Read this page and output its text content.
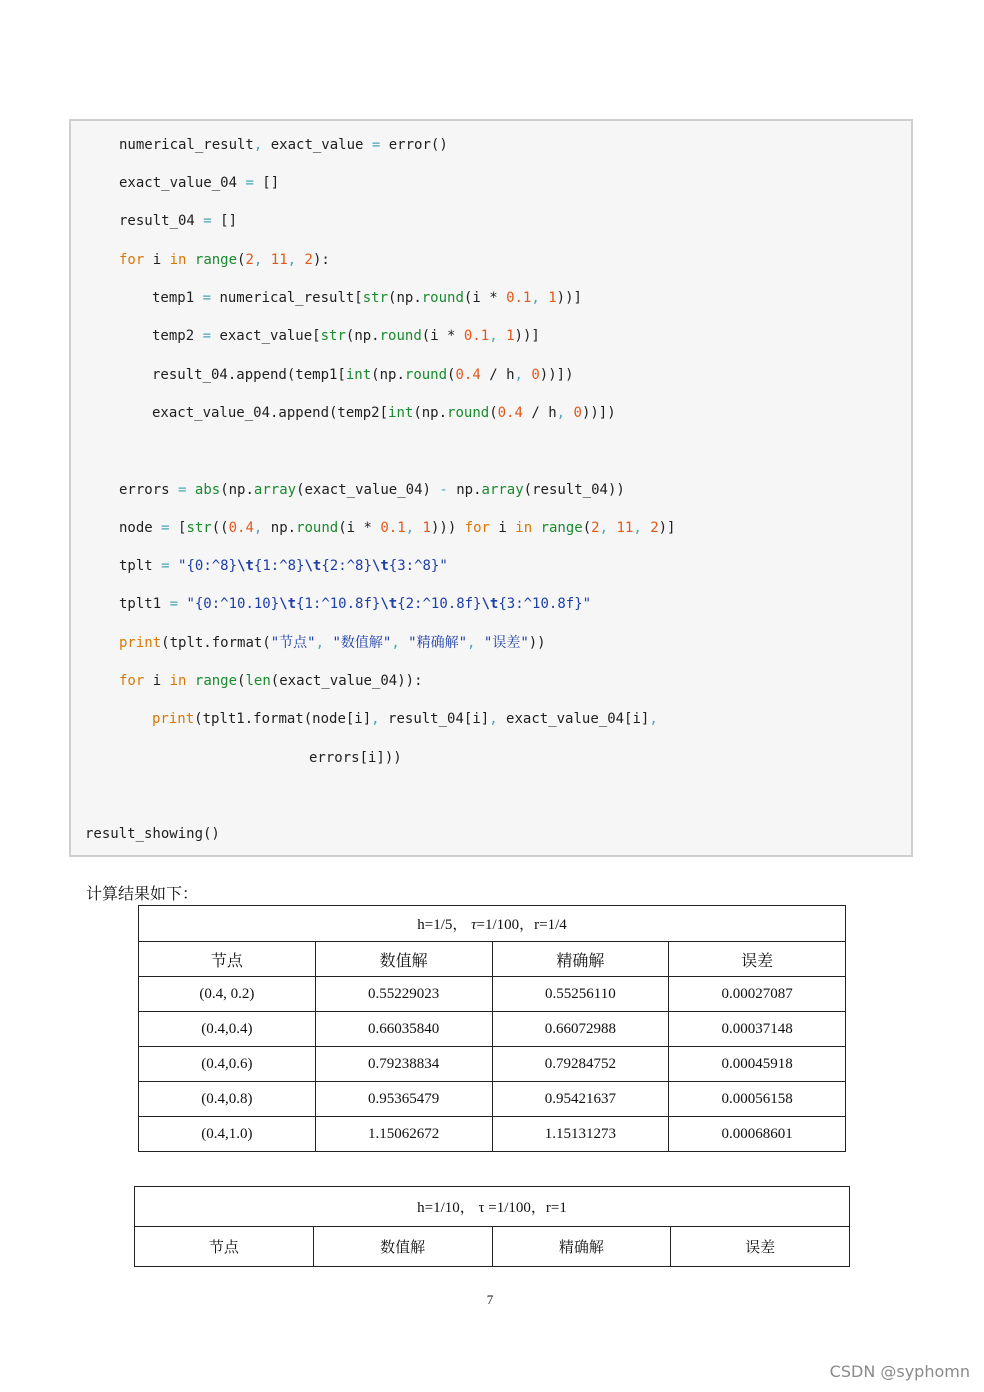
numerical_result, exact_value = error()
exact_value_04 = []
result_04 = []
for i in range(2, 11, 2):
temp1 = numerical_result[str(np.round(i * 0.1, 1))]
temp2 = exact_value[str(np.round(i * 0.1, 1))]
result_04.append(temp1[int(np.round(0.4 / h, 0))])
exact_value_04.append(temp2[int(np.round(0.4 / h, 0))])
errors = abs(np.array(exact_value_04) - np.array(result_04))
node = [str((0.4, np.round(i * 0.1, 1))) for i in range(2, 11, 2)]
tplt = "{0:^8}\t{1:^8}\t{2:^8}\t{3:^8}"
tplt1 = "{0:^10.10}\t{1:^10.8f}\t{2:^10.8f}\t{3:^10.8f}"
print(tplt.format("节点", "数值解", "精确解", "误差"))
for i in range(len(exact_value_04)):
print(tplt1.format(node[i], result_04[i], exact_value_04[i],
errors[i]))
result_showing()
计算结果如下：
h=1/5， τ=1/100，r=1/4			
节点	数值解	精确解	误差
(0.4, 0.2)	0.55229023	0.55256110	0.00027087
(0.4,0.4)	0.66035840	0.66072988	0.00037148
(0.4,0.6)	0.79238834	0.79284752	0.00045918
(0.4,0.8)	0.95365479	0.95421637	0.00056158
(0.4,1.0)	1.15062672	1.15131273	0.00068601
h=1/10， τ =1/100，r=1
节点	数值解	精确解	误差
7
CSDN @syphomn
